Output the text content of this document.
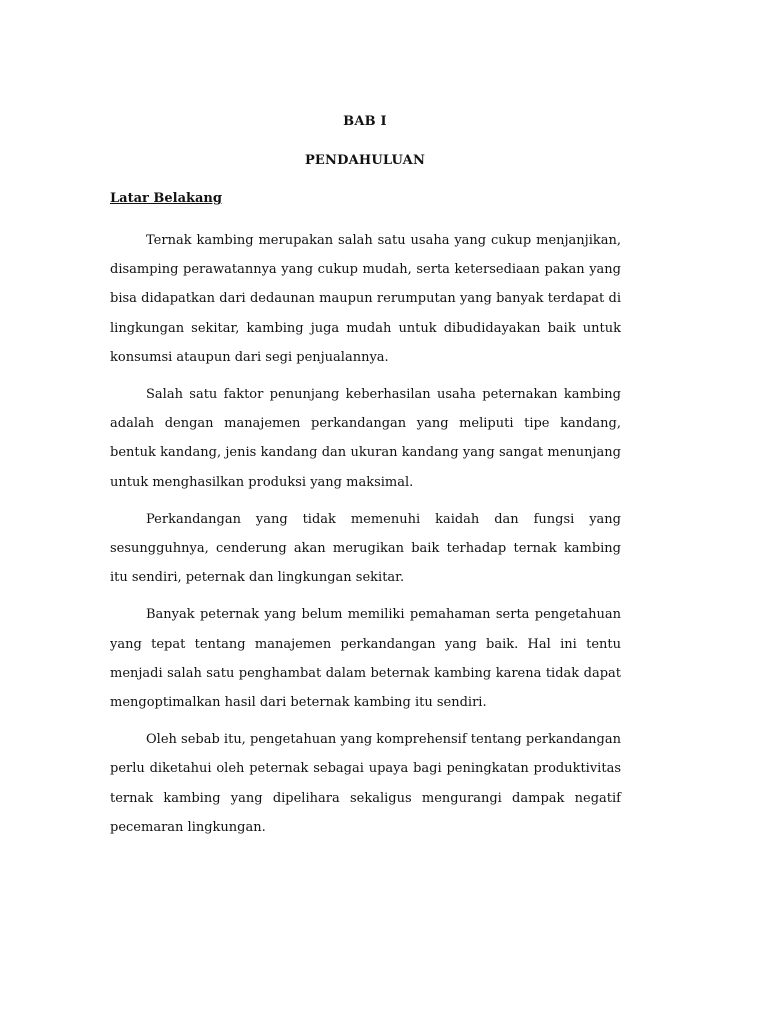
BAB I
PENDAHULUAN
Latar Belakang

Ternak kambing merupakan salah satu usaha yang cukup menjanjikan, disamping perawatannya yang cukup mudah, serta ketersediaan pakan yang bisa didapatkan dari dedaunan maupun rerumputan yang banyak terdapat di lingkungan sekitar, kambing juga mudah untuk dibudidayakan baik untuk konsumsi ataupun dari segi penjualannya.

Salah satu faktor penunjang keberhasilan usaha peternakan kambing adalah dengan manajemen perkandangan yang meliputi tipe kandang, bentuk kandang, jenis kandang dan ukuran kandang yang sangat menunjang untuk menghasilkan produksi yang maksimal.

Perkandangan yang tidak memenuhi kaidah dan fungsi yang sesungguhnya, cenderung akan merugikan baik terhadap ternak kambing itu sendiri, peternak dan lingkungan sekitar.

Banyak peternak yang belum memiliki pemahaman serta pengetahuan yang tepat tentang manajemen perkandangan yang baik. Hal ini tentu menjadi salah satu penghambat dalam beternak kambing karena tidak dapat mengoptimalkan hasil dari beternak kambing itu sendiri.

Oleh sebab itu, pengetahuan yang komprehensif tentang perkandangan perlu diketahui oleh peternak sebagai upaya bagi peningkatan produktivitas ternak kambing yang dipelihara sekaligus mengurangi dampak negatif pecemaran lingkungan.
